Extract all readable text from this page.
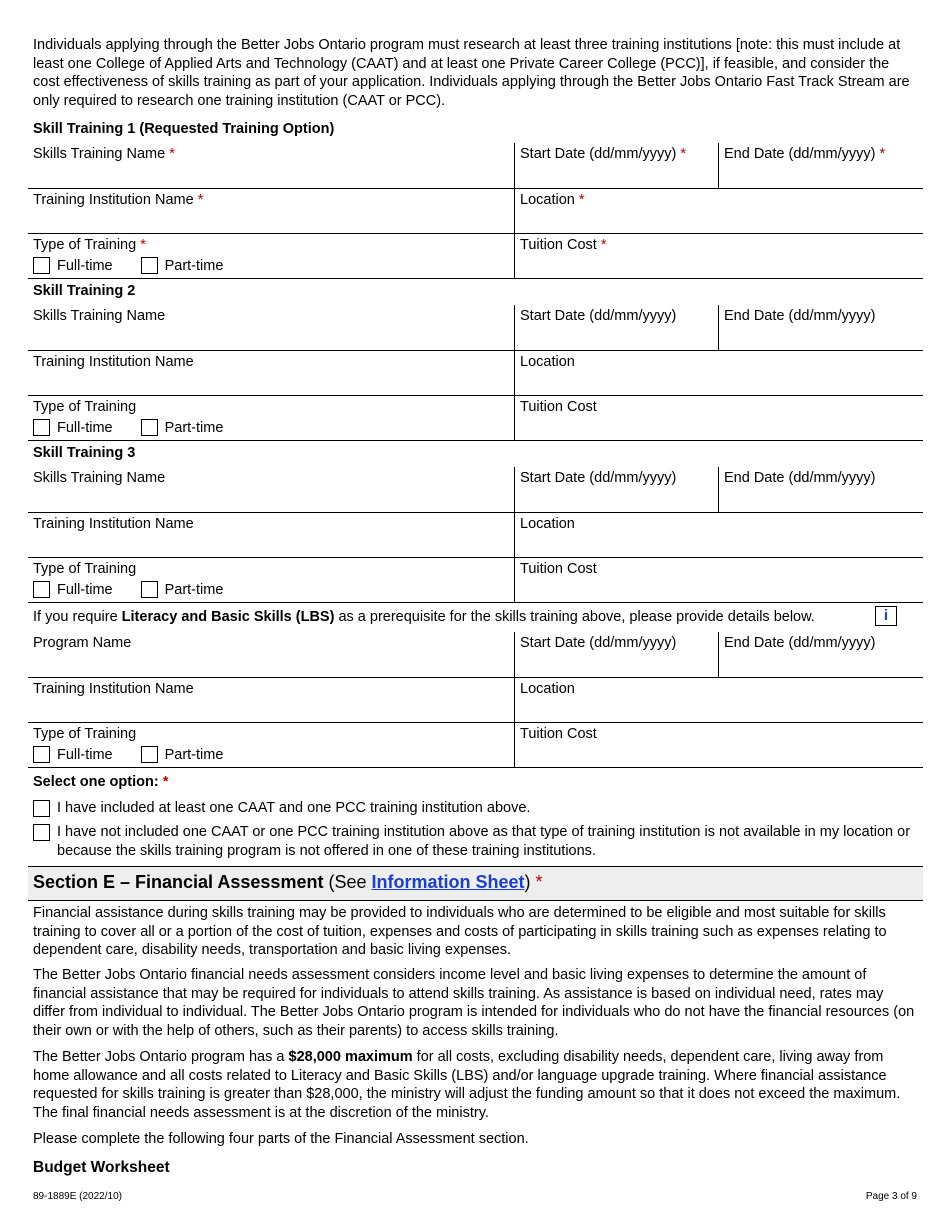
Individuals applying through the Better Jobs Ontario program must research at least three training institutions [note: this must include at least one College of Applied Arts and Technology (CAAT) and at least one Private Career College (PCC)], if feasible, and consider the cost effectiveness of skills training as part of your application. Individuals applying through the Better Jobs Ontario Fast Track Stream are only required to research one training institution (CAAT or PCC).

Skill Training 1 (Requested Training Option)
Skills Training Name *	Start Date (dd/mm/yyyy) *	End Date (dd/mm/yyyy) *
Training Institution Name *	Location *
Type of Training *
Full-time	Part-time
Tuition Cost *
Skill Training 2
Skills Training Name	Start Date (dd/mm/yyyy)	End Date (dd/mm/yyyy)
Training Institution Name	Location
Type of Training
Full-time	Part-time
Tuition Cost
Skill Training 3
Skills Training Name	Start Date (dd/mm/yyyy)	End Date (dd/mm/yyyy)
Training Institution Name	Location
Type of Training
Full-time	Part-time
Tuition Cost

If you require Literacy and Basic Skills (LBS) as a prerequisite for the skills training above, please provide details below.	i
Program Name	Start Date (dd/mm/yyyy)	End Date (dd/mm/yyyy)
Training Institution Name	Location
Type of Training
Full-time	Part-time
Tuition Cost
Select one option: *

I have included at least one CAAT and one PCC training institution above.

I have not included one CAAT or one PCC training institution above as that type of training institution is not available in my location or because the skills training program is not offered in one of these training institutions.

Section E – Financial Assessment (See Information Sheet) *

Financial assistance during skills training may be provided to individuals who are determined to be eligible and most suitable for skills training to cover all or a portion of the cost of tuition, expenses and costs of participating in skills training such as expenses relating to dependent care, disability needs, transportation and basic living expenses.

The Better Jobs Ontario financial needs assessment considers income level and basic living expenses to determine the amount of financial assistance that may be required for individuals to attend skills training. As assistance is based on individual need, rates may differ from individual to individual. The Better Jobs Ontario program is intended for individuals who do not have the financial resources (on their own or with the help of others, such as their parents) to access skills training.

The Better Jobs Ontario program has a $28,000 maximum for all costs, excluding disability needs, dependent care, living away from home allowance and all costs related to Literacy and Basic Skills (LBS) and/or language upgrade training. Where financial assistance requested for skills training is greater than $28,000, the ministry will adjust the funding amount so that it does not exceed the maximum. The final financial needs assessment is at the discretion of the ministry.

Please complete the following four parts of the Financial Assessment section.

Budget Worksheet
89-1889E (2022/10)	Page 3 of 9
